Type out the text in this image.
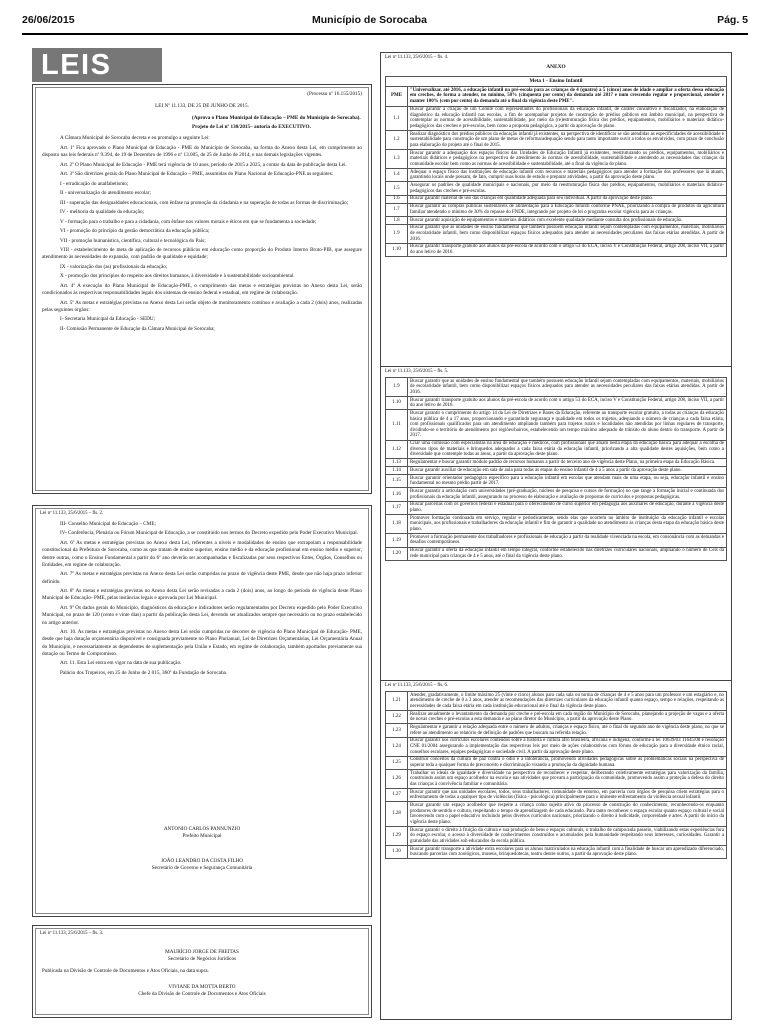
26/06/2015	Município de Sorocaba	Pág. 5
LEIS

(Processo nº 16.155/2015)

LEI Nº 11.133, DE 25 DE JUNHO DE 2015.

(Aprova o Plano Municipal de Educação – PME do Município de Sorocaba).

Projeto de Lei nº 130/2015– autoria do EXECUTIVO.

A Câmara Municipal de Sorocaba decreta e eu promulgo a seguinte Lei:

Art. 1º Fica aprovado o Plano Municipal de Educação - PME do Município de Sorocaba, na forma do Anexo desta Lei, em cumprimento ao disposto nas leis federais nº 9.394, de 19 de Dezembro de 1996 e nº 13.005, de 25 de Junho de 2014, e nas demais legislações vigentes.

Art. 2º O Plano Municipal de Educação - PME terá vigência de 10 anos, período de 2015 a 2025, a contar da data de publicação desta Lei.

Art. 3º São diretrizes gerais do Plano Municipal de Educação – PME, assumidas do Plano Nacional de Educação-PNE as seguintes:

I - erradicação do analfabetismo;

II - universalização do atendimento escolar;

III - superação das desigualdades educacionais, com ênfase na promoção da cidadania e na superação de todas as formas de discriminação;

IV - melhoria da qualidade da educação;

V - formação para o trabalho e para a cidadania, com ênfase nos valores morais e éticos em que se fundamenta a sociedade;

VI - promoção do princípio da gestão democrática da educação pública;

VII - promoção humanística, científica, cultural e tecnológica do País;

VIII - estabelecimento de meta de aplicação de recursos públicos em educação como proporção do Produto Interno Bruto-PIB, que assegure atendimento às necessidades de expansão, com padrão de qualidade e equidade;

IX - valorização dos (as) profissionais da educação;

X - promoção dos princípios do respeito aos direitos humanos, à diversidade e à sustentabilidade socioambiental.

Art. 4º A execução do Plano Municipal de Educação-PME, o cumprimento das metas e estratégias previstas no Anexo desta Lei, serão condicionados às respectivas responsabilidades legais dos sistemas de ensino federal e estadual, em regime de colaboração.

Art. 5º As metas e estratégias previstas no Anexo desta Lei serão objeto de monitoramento contínuo e avaliação a cada 2 (dois) anos, realizadas pelas seguintes órgãos:

I- Secretaria Municipal da Educação - SEDU;

II- Comissão Permanente de Educação da Câmara Municipal de Sorocaba;

Lei nº 11.133, 25/6/2015 – fls. 2.

III- Conselho Municipal de Educação – CME;

IV- Conferência, Plenária ou Fórum Municipal de Educação, a se constituído nos termos do Decreto expedido pelo Poder Executivo Municipal.

Art. 6º As metas e estratégias previstas no Anexo desta Lei, referentes a níveis e modalidades de ensino que extrapolam a responsabilidade constitucional da Prefeitura de Sorocaba, como as que tratam de ensino superior, ensino médio e da educação profissional em ensino médio e superior, dentre outras, como o Ensino Fundamental a partir do 6º ano deverão ser acompanhadas e fiscalizadas por seus respectivos Entes, Órgãos, Conselhos ou Entidades, em regime de colaboração.

Art. 7º As metas e estratégias previstas no Anexo desta Lei serão cumpridas no prazo de vigência deste PME, desde que não haja prazo inferior definido.

Art. 8º As metas e estratégias previstas no Anexo desta Lei serão revisadas a cada 2 (dois) anos, ao longo do período de vigência deste Plano Municipal de Educação- PME, pelas instâncias legais e aprovada por Lei Municipal.

Art. 9º Os dados gerais do Município, diagnósticos da educação e indicadores serão regulamentados por Decreto expedido pelo Poder Executivo Municipal, no prazo de 120 (cento e vinte dias) a partir da publicação desta Lei, devendo ser atualizados sempre que necessário ou no prazo estabelecido no artigo anterior.

Art. 10. As metas e estratégias previstas no Anexo desta Lei serão cumpridas no decorrer de vigência do Plano Municipal de Educação- PME, desde que haja dotação orçamentária disponível e consignada previamente no Plano Plurianual, Lei de Diretrizes Orçamentárias, Lei Orçamentária Anual do Município, e necessariamente as dependentes de suplementação pela União e Estado, em regime de colaboração, também aportados previamente sua dotação ou Termo de Compromisso.

Art. 11. Esta Lei entra em vigor na data de sua publicação.

Palácio dos Tropeiros, em 25 de Junho de 2 015, 360º da Fundação de Sorocaba.

ANTONIO CARLOS PANNUNZIO
Prefeito Municipal
JOÃO LEANDRO DA COSTA FILHO
Secretário de Governo e Segurança Comunitária
Lei nº 11.133, 25/6/2015 – fls. 3.
MAURÍCIO JORGE DE FREITAS
Secretário de Negócios Jurídicos
Publicada na Divisão de Controle de Documentos e Atos Oficiais, na data supra.
VIVIANE DA MOTTA BERTO
Chefe da Divisão de Controle de Documentos e Atos Oficiais
Lei nº 11.133, 25/6/2015 – fls. 4.
ANEXO
Meta 1 - Ensino Infantil
PME	"Universalizar, até 2016, a educação infantil na pré-escola para as crianças de 4 (quatro) a 5 (cinco) anos de idade e ampliar a oferta dessa educação em creches, de forma a atender, no mínimo, 50% (cinquenta por cento) da demanda até 2017 e num crescendo regular e proporcional, atender e manter 100% (cem por cento) da demanda até o final da vigência deste PME".
1.1	Buscar garantir a criação de um Comitê com representantes do profissionais da educação infantil, de caráter consultivo e fiscalizador, na elaboração de diagnóstico da educação infantil nas escolas, a fim de acompanhar projetos de construção de prédios públicos em âmbito municipal, na perspectiva de contemplar as normas de acessibilidade, sustentabilidade, por meio da (re)estruturação física dos prédios, equipamentos, mobiliários e materiais didático-pedagógicos das creches e pré-escolas, bem como a proposta pedagógica, a partir da aprovação do plano.
1.2	Realizar diagnóstico dos prédios públicos da educação infantil já existentes, na perspectiva de identificar se são atendidas as especificidades de acessibilidade e sustentabilidade para construção de um plano de metas de reforma/adequação sendo para tanto importante ouvir a todos os envolvidos, com prazo de conclusão para elaboração do projeto até o final de 2015.
1.3	Buscar garantir a adequação dos espaços físicos das Unidades de Educação Infantil já existentes, reestruturando os prédios, equipamentos, mobiliários e materiais didáticos e pedagógicos na perspectiva de atendimento às normas de acessibilidade, sustentabilidade e atendendo as necessidades das crianças da comunidade escolar bem como as normas de acessibilidade e sustentabilidade, até o final da vigência do plano.
1.4	Adequar o espaço físico das instituições de educação infantil com recursos e materiais pedagógicos para atender a formação dos professores que lá atuam, garantindo locais onde possam, de fato, cumprir suas horas de estudo e preparar atividades, a partir da aprovação deste plano.
1.5	Assegurar os padrões de qualidade municipais e nacionais, por meio da reestruturação física dos prédios, equipamentos, mobiliários e materiais didático-pedagógicos das creches e pré-escolas.
1.6	Buscar garantir material de uso das crianças em quantidade adequada para seu individual. A partir da aprovação deste plano.
1.7	Buscar garantir as compras públicas sustentáveis de alimentação para a Educação Infantil conforme PNAE, priorizando a compra de produtos da agricultura familiar atendendo o mínimo de 30% do repasse do FNDE, integrando por projeto de lei o programa escolar vigência para as crianças.
1.8	Buscar garantir aquisição de equipamentos e materiais didáticos com excelente qualidade mediante consulta dos profissionais de educação.
1.9	Buscar garantir que as unidades de ensino fundamental que também possuem educação infantil sejam contempladas com equipamentos, materiais, mobiliários de escolaridade infantil, bem como disponibilizar espaços físicos adequados para atender as necessidades peculiares das faixas etárias atendidas. A partir de 2016.
1.10	Buscar garantir transporte gratuito aos alunos da pré-escola de acordo com o artigo 53 do ECA, inciso V e Constituição Federal, artigo 208, inciso VII, a partir do ano letivo de 2016.
Lei nº 11.133, 25/6/2015 – fls. 5.
1.9	Buscar garantir que as unidades de ensino fundamental que também possuem educação infantil sejam contempladas com equipamentos, materiais, mobiliários de escolaridade infantil, bem como disponibilizar espaços físicos adequados para atender as necessidades peculiares das faixas etárias atendidas. A partir de 2016.
1.10	Buscar garantir transporte gratuito aos alunos da pré-escola de acordo com o artigo 53 do ECA, inciso V e Constituição Federal, artigo 208, inciso VII, a partir do ano letivo de 2016.
1.11	Buscar garantir o cumprimento do artigo 14 da Lei de Diretrizes e Bases da Educação, referente ao transporte escolar gratuito, a todas as crianças da educação básica pública de 4 a 17 anos, proporcionando e garantindo segurança e qualidade em todos os trajetos, adequando o número de crianças a cada faixa etária, com profissionais qualificados para um atendimento ampliando também para trajetos rurais e localidades não atendidas por linhas regulares de transporte, dividindo-se o território de atendimento por regiões/bairros, estabelecendo um tempo máximo adequado de trânsito do aluno dentro do transporte. A partir de 2017.
1.12	Criar uma comissão com especialistas na área de educação e médicos, com profissionais que atuam nesta etapa da educação básica para adequar a escolha de diversos tipos de materiais e brinquedos adequados a cada faixa etária da educação infantil, priorizando a alta qualidade destes aquisições, bem como a diversidade que contemple todas as áreas, a partir da aprovação deste plano.
1.13	Regulamentar e buscar garantir módulo padrão de recursos humanos a partir do terceiro ano de vigência deste Plano, na primeira etapa da Educação Básica.
1.14	Buscar garantir auxiliar de educação em sala de aula para todas as etapas do ensino infantil de 4 a 5 anos a partir da aprovação deste plano.
1.15	Buscar garantir orientador pedagógico específico para a educação infantil em escolas que atendam mais de uma etapa, ou seja, educação infantil e ensino fundamental no mesmo prédio partir de 2017.
1.16	Buscar garantir a articulação com universidades (pré-graduação, núcleos de pesquisa e cursos de formação) no que tange a formação inicial e continuada dos profissionais da educação infantil, assegurando no processo de elaboração e avaliação de propostas de currículos e propostas pedagógicas.
1.17	Buscar parcerias com os governos federal e estadual para o oferecimento de curso superior em pedagogia aos auxiliares de educação, durante a vigência deste plano.
1.18	Promover formação continuada em serviço, regular e periodicamente, sendo elas que ocorrem no âmbito de instituição da educação infantil e escolas municipais, aos profissionais e trabalhadores da educação infantil e fim de garantir a qualidade no atendimento às crianças desta etapa da educação básica deste plano.
1.19	Promover a formação permanente dos trabalhadores e profissionais de educação a partir da realidade vivenciada na escola, em consonância com as demandas e desafios contemporâneos.
1.20	Buscar garantir a oferta da educação infantil em tempo integral, conforme estabelecido nas diretrizes curriculares nacionais, ampliando o número de Ceis da rede municipal para crianças de 4 e 5 anos, até o final da vigência deste plano.
Lei nº 11.133, 25/6/2015 – fls. 6.
1.21	Atender, gradativamente, o limite máximo 25 (vinte e cinco) alunos para cada sala ou turma de crianças de 4 e 5 anos para um professor e um estagiário e, no atendimento de creche de 0 a 3 anos, atender as recomendações das diretrizes curriculares da educação infantil quanto espaço, tempo e relações, respeitando as necessidades de cada faixa etária em cada instituição educacional até o final da vigência deste plano.
1.22	Realizar anualmente o levantamento da demanda por creche e pré-escola em cada região do Município de Sorocaba, planejando a projeção de vagas e a oferta de novas creches e pré-escolas a esta demanda e ao plano diretor do Município, a partir da aprovação deste Plano.
1.23	Regulamentar e garantir a relação adequada entre o número de adultos, crianças e espaço físico, até o final do segundo ano de vigência deste plano, no que se refere ao atendimento ao relatório de definição de padrões que buscam na referida relação.
1.24	Buscar garantir nos currículos escolares conteúdos sobre a história e cultura afro brasileira, africana e indígena, conforme a lei 10639/03 11645/08 e resolução CNE 01/2004 assegurando a implementação das respectivas leis por meio de ações colaborativas com fóruns de educação para a diversidade étnico racial, conselhos escolares, equipes pedagógicas e sociedade civil. A partir da aprovação deste plano.
1.25	Construir conceitos da cultura de paz contra o ódio e a intolerância, promovendo atividades pedagógicas sobre as problemáticas sociais na perspectiva de superar toda a qualquer forma de preconceito e discriminação visando a promoção da dignidade humana.
1.26	Trabalhar os ideais de igualdade e diversidade na perspectiva de reconhecer e respeitar, deliberando coletivamente estratégias para valorização da família, construindo assim um espaço acolhedor na escola e nas atividades que provam a participação da comunidade, promovendo assim a proteção a defesa do direito das crianças à convivência familiar e comunitária.
1.27	Buscar garantir que nas unidades escolares, todos, seus trabalhadores, comunidade do entorno, em parceria com órgãos de pesquisa criem estratégias para o enfrentamento de todas a qualquer tipo de violências (física - psicológica) principalmente para o iminente enfrentamento da violência sexual infantil.
1.28	Buscar garantir um espaço acolhedor que respeite a criança como sujeito ativo do processo de construção do conhecimento, reconhecendo-os enquanto produtores de sentido e cultura, respeitando o tempo de aprendizagem de cada educando. Para tanto reconhecer o espaço escolar quanto espaço cultural e social favorecendo com o papel educativo incluindo pelos diversos currículos nacionais, priorizando o direito à ludicidade, corporeidade e artes. A partir do início da vigência deste plano.
1.29	Buscar garantir o direito à fruição da cultura e sua produção de bens e espaços culturais, o trabalho de campo/aula passeio, viabilizando estas experiências fora do espaço escolar, o acesso à diversidade de conhecimentos construídos e acumulados pela humanidade respeitando seus interesses, curiosidades. Garantir a gratuidade das atividades sob educandos da escola pública.
1.30	Buscar garantir transporte a atividade extra escolares para os alunos matriculados na educação infantil com a finalidade de buscar um aprendizado diferenciado, buscando parcerias com zoológicos, museus, brinquedotecas, teatro dentre outros, a partir da aprovação deste plano.
